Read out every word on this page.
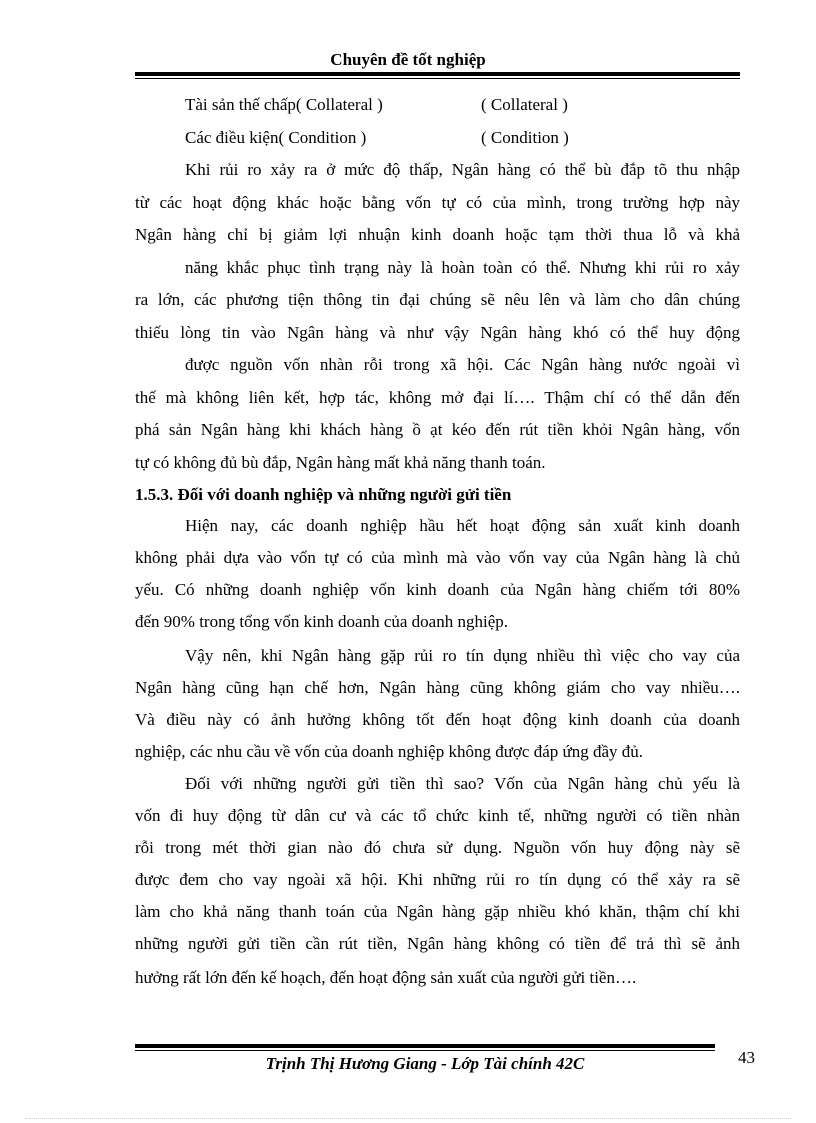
Chuyên đề tốt nghiệp
Tài sản thế chấp( Collateral )	( Collateral )
Các điều kiện( Condition )	( Condition )
Khi rủi ro xảy ra ở mức độ thấp, Ngân hàng có thể bù đắp tõ thu nhập
từ các hoạt động khác hoặc bằng vốn tự có của mình, trong trường hợp này
Ngân hàng chỉ bị giảm lợi nhuận kinh doanh hoặc tạm thời thua lỗ và khả
năng khắc phục tình trạng này là hoàn toàn có thể. Nhưng khi rủi ro xảy
ra lớn, các phương tiện thông tin đại chúng sẽ nêu lên và làm cho dân chúng
thiếu lòng tin vào Ngân hàng và như vậy Ngân hàng khó có thể huy động
được nguồn vốn nhàn rỗi trong xã hội. Các Ngân hàng nước ngoài vì
thế mà không liên kết, hợp tác, không mở đại lí…. Thậm chí có thể dẫn đến
phá sản Ngân hàng khi khách hàng ồ ạt kéo đến rút tiền khỏi Ngân hàng, vốn
tự có không đủ bù đắp, Ngân hàng mất khả năng thanh toán.
1.5.3. Đối với doanh nghiệp và những người gửi tiền
Hiện nay, các doanh nghiệp hầu hết hoạt động sản xuất kinh doanh
không phải dựa vào vốn tự có của mình mà vào vốn vay của Ngân hàng là chủ
yếu. Có những doanh nghiệp vốn kinh doanh của Ngân hàng chiếm tới 80%
đến 90% trong tổng vốn kinh doanh của doanh nghiệp.
Vậy nên, khi Ngân hàng gặp rủi ro tín dụng nhiều thì việc cho vay của
Ngân hàng cũng hạn chế hơn, Ngân hàng cũng không giám cho vay nhiều….
Và điều này có ảnh hưởng không tốt đến hoạt động kinh doanh của doanh
nghiệp, các nhu cầu về vốn của doanh nghiệp không được đáp ứng đầy đủ.
Đối với những người gửi tiền thì sao? Vốn của Ngân hàng chủ yếu là
vốn đi huy động từ dân cư và các tổ chức kinh tế, những người có tiền nhàn
rỗi trong mét thời gian nào đó chưa sử dụng. Nguồn vốn huy động này sẽ
được đem cho vay ngoài xã hội. Khi những rủi ro tín dụng có thể xảy ra sẽ
làm cho khả năng thanh toán của Ngân hàng gặp nhiều khó khăn, thậm chí khi
những người gửi tiền cần rút tiền, Ngân hàng không có tiền để trả thì sẽ ảnh
hưởng rất lớn đến kế hoạch, đến hoạt động sản xuất của người gửi tiền….
43
Trịnh Thị Hương Giang - Lớp Tài chính 42C
